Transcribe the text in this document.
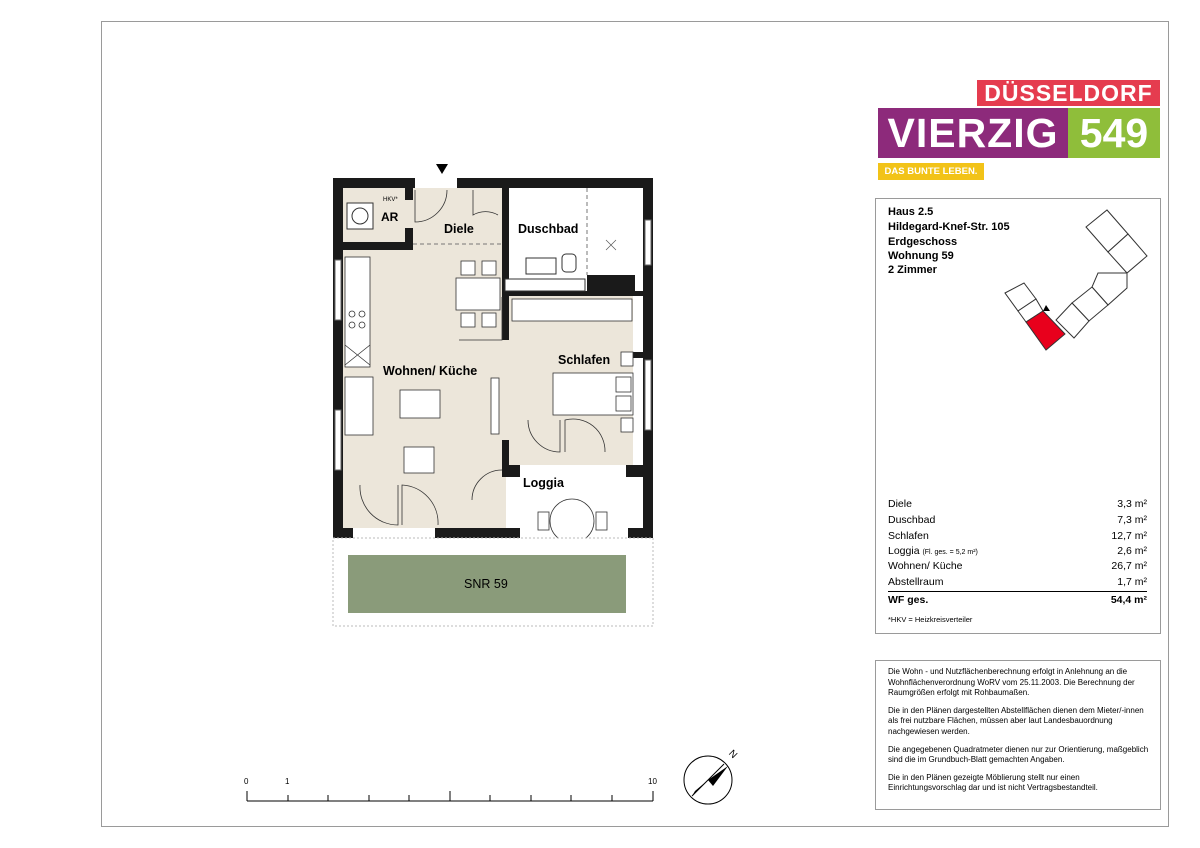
AR
HKV*
Diele	Duschbad
Wohnen/ Küche
Schlafen
Loggia
SNR 59
0	1	10
N
DÜSSELDORF
VIERZIG 549
DAS BUNTE LEBEN.
Haus 2.5
Hildegard-Knef-Str. 105
Erdgeschoss
Wohnung 59
2 Zimmer
Diele	3,3 m²
Duschbad	7,3 m²
Schlafen	12,7 m²
Loggia (Fl. ges. = 5,2 m²)	2,6 m²
Wohnen/ Küche	26,7 m²
Abstellraum	1,7 m²
WF ges.	54,4 m²
*HKV = Heizkreisverteiler

Die Wohn - und Nutzflächenberechnung erfolgt in Anlehnung an die Wohnflächenverordnung WoRV vom 25.11.2003. Die Berechnung der Raumgrößen erfolgt mit Rohbaumaßen.

Die in den Plänen dargestellten Abstellflächen dienen dem Mieter/-innen als frei nutzbare Flächen, müssen aber laut Landesbauordnung nachgewiesen werden.

Die angegebenen Quadratmeter dienen nur zur Orientierung, maßgeblich sind die im Grundbuch-Blatt gemachten Angaben.

Die in den Plänen gezeigte Möblierung stellt nur einen Einrichtungsvorschlag dar und ist nicht Vertragsbestandteil.
